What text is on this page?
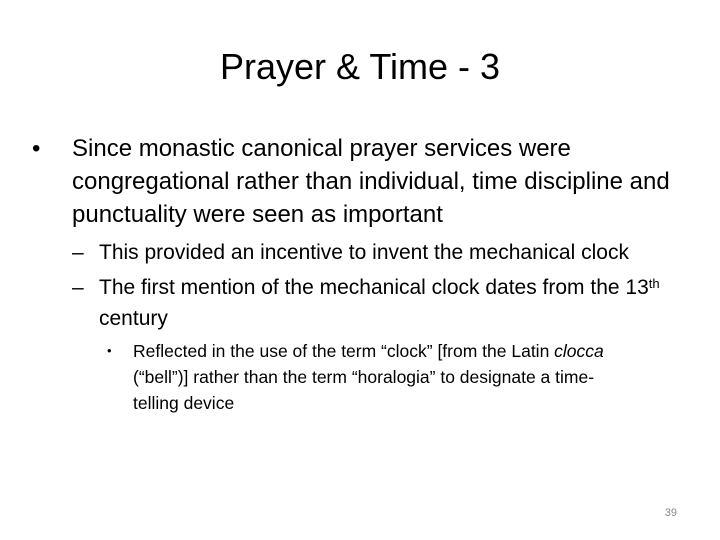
Prayer & Time - 3
• Since monastic canonical prayer services were congregational rather than individual, time discipline and punctuality were seen as important
– This provided an incentive to invent the mechanical clock
– The first mention of the mechanical clock dates from the 13th century
• Reflected in the use of the term “clock” [from the Latin clocca (“bell”)] rather than the term “horalogia” to designate a time-telling device
39
